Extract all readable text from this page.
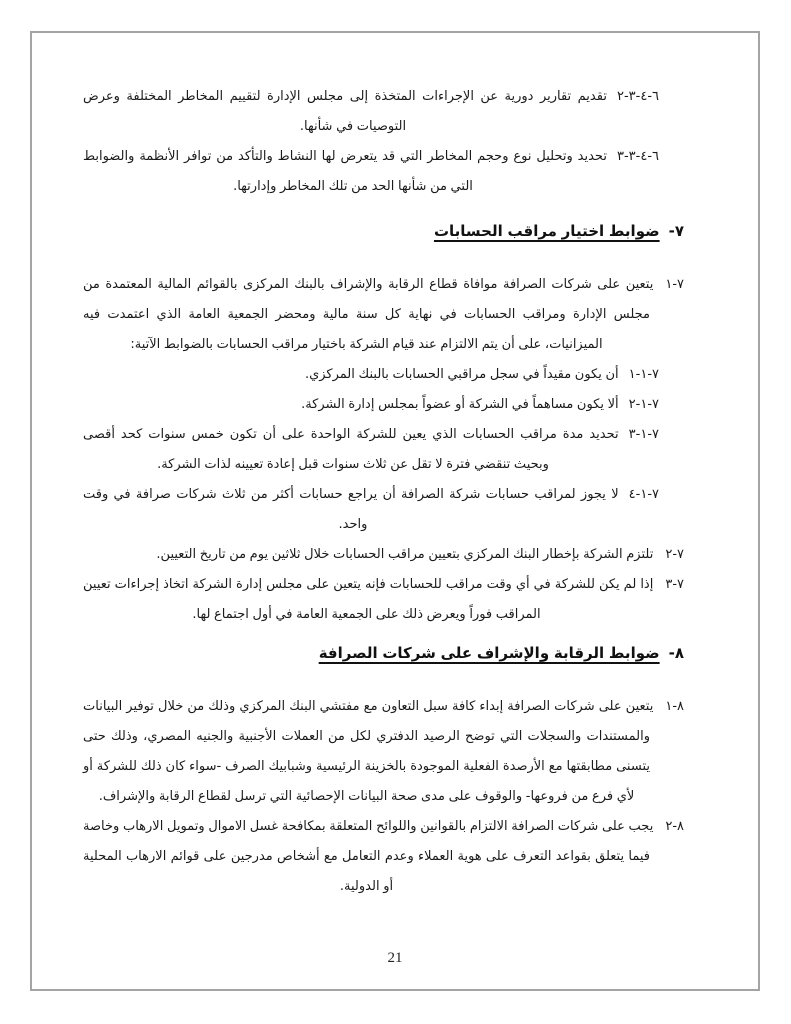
٦-٤-٣-٢تقديم تقارير دورية عن الإجراءات المتخذة إلى مجلس الإدارة لتقييم المخاطر المختلفة وعرض التوصيات في شأنها.
٦-٤-٣-٣تحديد وتحليل نوع وحجم المخاطر التي قد يتعرض لها النشاط والتأكد من توافر الأنظمة والضوابط التي من شأنها الحد من تلك المخاطر وإدارتها.
٧-ضوابط اختيار مراقب الحسابات
٧-١يتعين على شركات الصرافة موافاة قطاع الرقابة والإشراف بالبنك المركزى بالقوائم المالية المعتمدة من مجلس الإدارة ومراقب الحسابات في نهاية كل سنة مالية ومحضر الجمعية العامة الذي اعتمدت فيه الميزانيات، على أن يتم الالتزام عند قيام الشركة باختيار مراقب الحسابات بالضوابط الآتية:
٧-١-١أن يكون مقيداً في سجل مراقبي الحسابات بالبنك المركزي.
٧-١-٢ألا يكون مساهماً في الشركة أو عضواً بمجلس إدارة الشركة.
٧-١-٣تحديد مدة مراقب الحسابات الذي يعين للشركة الواحدة على أن تكون خمس سنوات كحد أقصى وبحيث تنقضي فترة لا تقل عن ثلاث سنوات قبل إعادة تعيينه لذات الشركة.
٧-١-٤لا يجوز لمراقب حسابات شركة الصرافة أن يراجع حسابات أكثر من ثلاث شركات صرافة في وقت واحد.
٧-٢تلتزم الشركة بإخطار البنك المركزي بتعيين مراقب الحسابات خلال ثلاثين يوم من تاريخ التعيين.
٧-٣إذا لم يكن للشركة في أي وقت مراقب للحسابات فإنه يتعين على مجلس إدارة الشركة اتخاذ إجراءات تعيين المراقب فوراً ويعرض ذلك على الجمعية العامة في أول اجتماع لها.
٨-ضوابط الرقابة والإشراف على شركات الصرافة
٨-١يتعين على شركات الصرافة إبداء كافة سبل التعاون مع مفتشي البنك المركزي وذلك من خلال توفير البيانات والمستندات والسجلات التي توضح الرصيد الدفتري لكل من العملات الأجنبية والجنيه المصري، وذلك حتى يتسنى مطابقتها مع الأرصدة الفعلية الموجودة بالخزينة الرئيسية وشبابيك الصرف -سواء كان ذلك للشركة أو لأي فرع من فروعها- والوقوف على مدى صحة البيانات الإحصائية التي ترسل لقطاع الرقابة والإشراف.
٨-٢يجب على شركات الصرافة الالتزام بالقوانين واللوائح المتعلقة بمكافحة غسل الاموال وتمويل الارهاب وخاصة فيما يتعلق بقواعد التعرف على هوية العملاء وعدم التعامل مع أشخاص مدرجين على قوائم الارهاب المحلية أو الدولية.
21
